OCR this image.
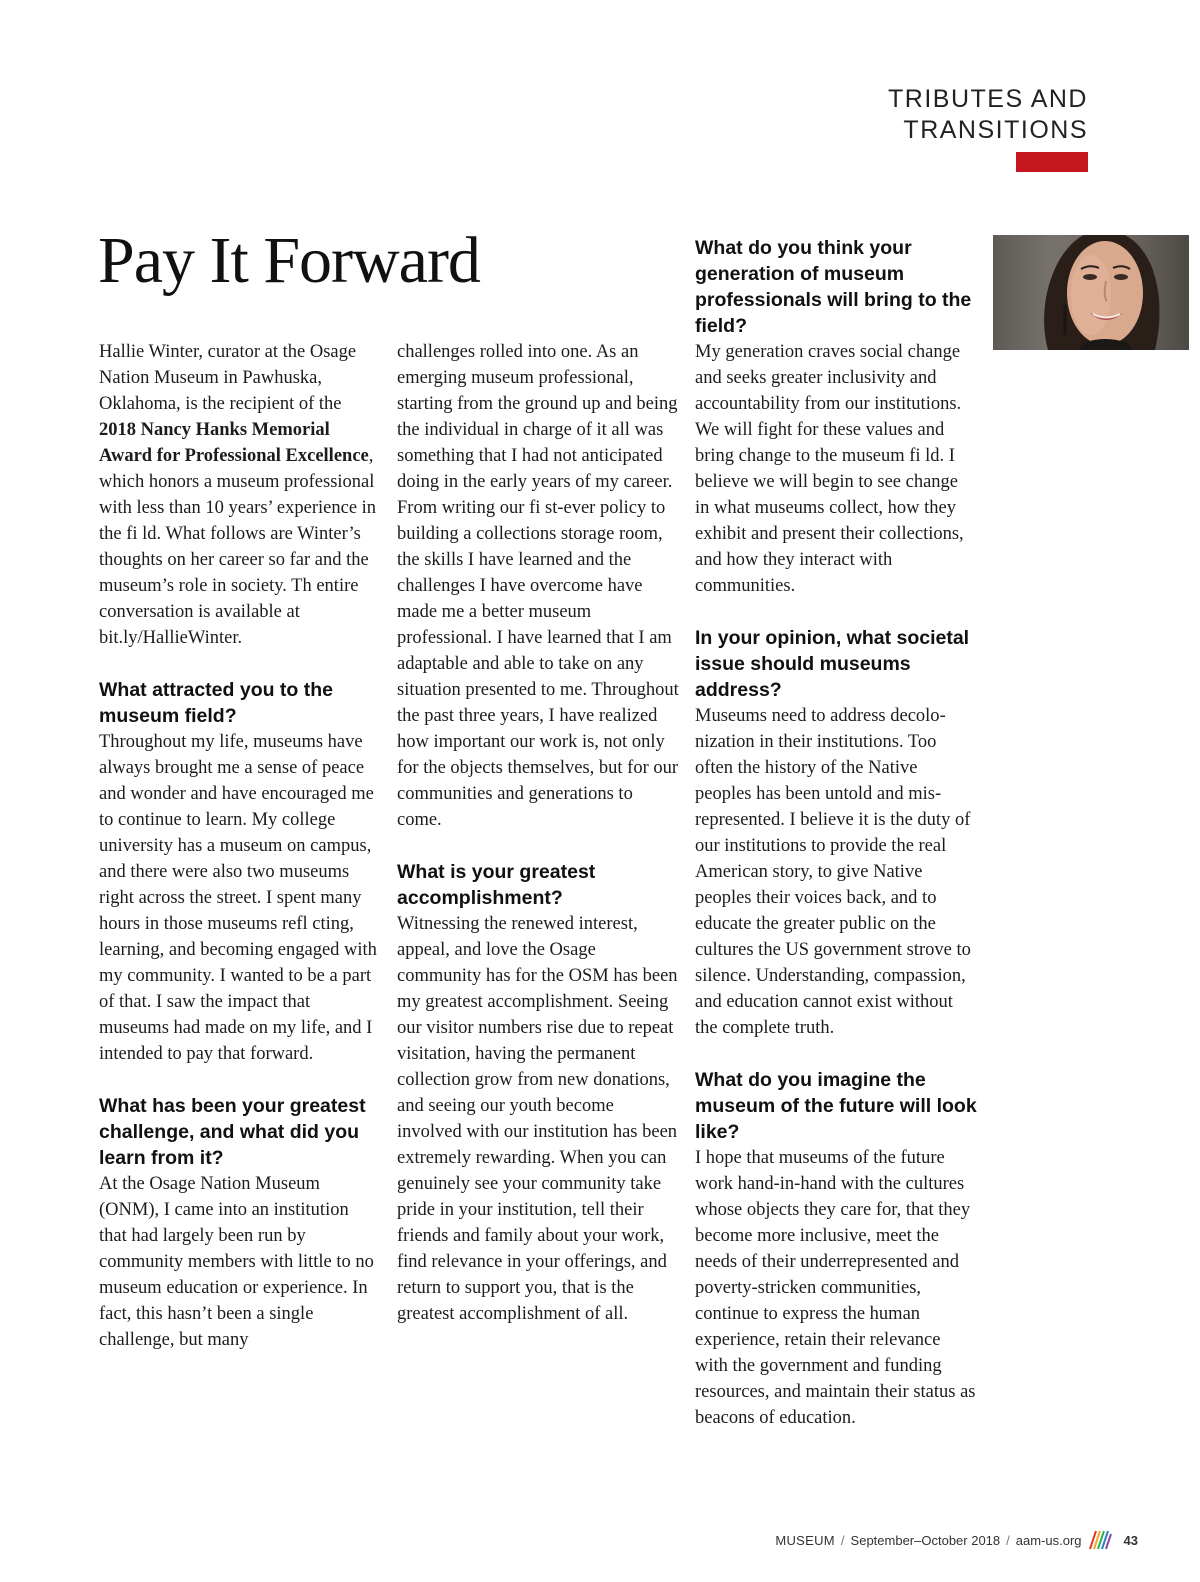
TRIBUTES AND
TRANSITIONS
Pay It Forward

Hallie Winter, curator at the Osage Nation Museum in Pawhuska, Oklahoma, is the recipient of the 2018 Nancy Hanks Memorial Award for Professional Excellence, which honors a museum professional with less than 10 years’ experience in the fi ld. What follows are Winter’s thoughts on her career so far and the museum’s role in society. Th entire conversation is available at bit.ly/HallieWinter.

What attracted you to the museum field?

Throughout my life, museums have always brought me a sense of peace and wonder and have encouraged me to continue to learn. My college university has a museum on campus, and there were also two museums right across the street. I spent many hours in those museums refl cting, learning, and becoming engaged with my community. I wanted to be a part of that. I saw the impact that museums had made on my life, and I intended to pay that forward.

What has been your greatest challenge, and what did you learn from it?

At the Osage Nation Museum (ONM), I came into an institution that had largely been run by community members with little to no museum education or experience. In fact, this hasn’t been a single challenge, but many

challenges rolled into one. As an emerging museum professional, starting from the ground up and being the individual in charge of it all was something that I had not anticipated doing in the early years of my career. From writing our fi st-ever policy to building a collections storage room, the skills I have learned and the challenges I have overcome have made me a better museum professional. I have learned that I am adaptable and able to take on any situation presented to me. Throughout the past three years, I have realized how important our work is, not only for the objects themselves, but for our communities and generations to come.

What is your greatest accomplishment?

Witnessing the renewed interest, appeal, and love the Osage community has for the OSM has been my greatest accomplishment. Seeing our visitor numbers rise due to repeat visitation, having the permanent collection grow from new donations, and seeing our youth become involved with our institution has been extremely rewarding. When you can genuinely see your community take pride in your institution, tell their friends and family about your work, find relevance in your offerings, and return to support you, that is the greatest accomplishment of all.

What do you think your generation of museum professionals will bring to the field?

My generation craves social change and seeks greater inclusivity and accountability from our institutions. We will fight for these values and bring change to the museum fi ld. I believe we will begin to see change in what museums collect, how they exhibit and present their collections, and how they interact with communities.

In your opinion, what societal issue should museums address?

Museums need to address decolonization in their institutions. Too often the history of the Native peoples has been untold and misrepresented. I believe it is the duty of our institutions to provide the real American story, to give Native peoples their voices back, and to educate the greater public on the cultures the US government strove to silence. Understanding, compassion, and education cannot exist without the complete truth.

What do you imagine the museum of the future will look like?

I hope that museums of the future work hand-in-hand with the cultures whose objects they care for, that they become more inclusive, meet the needs of their underrepresented and poverty-stricken communities, continue to express the human experience, retain their relevance with the government and funding resources, and maintain their status as beacons of education.

MUSEUM / September–October 2018 / aam-us.org	43
